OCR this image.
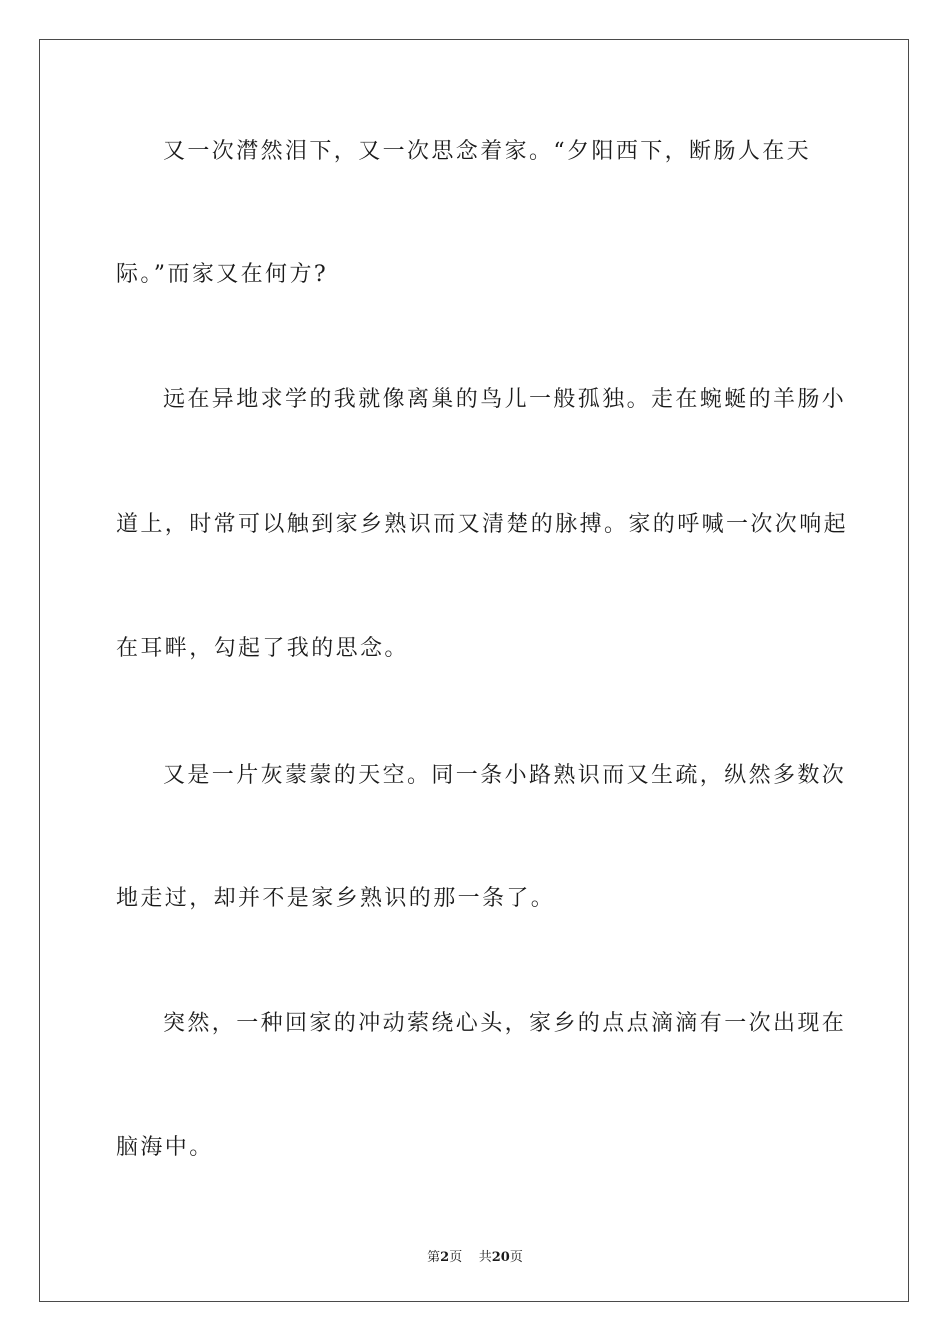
又一次潸然泪下，又一次思念着家。“夕阳西下，断肠人在天

际。”而家又在何方?

远在异地求学的我就像离巢的鸟儿一般孤独。走在蜿蜒的羊肠小

道上，时常可以触到家乡熟识而又清楚的脉搏。家的呼喊一次次响起

在耳畔，勾起了我的思念。

又是一片灰蒙蒙的天空。同一条小路熟识而又生疏，纵然多数次

地走过，却并不是家乡熟识的那一条了。

突然，一种回家的冲动萦绕心头，家乡的点点滴滴有一次出现在

脑海中。

第2页 共20页
